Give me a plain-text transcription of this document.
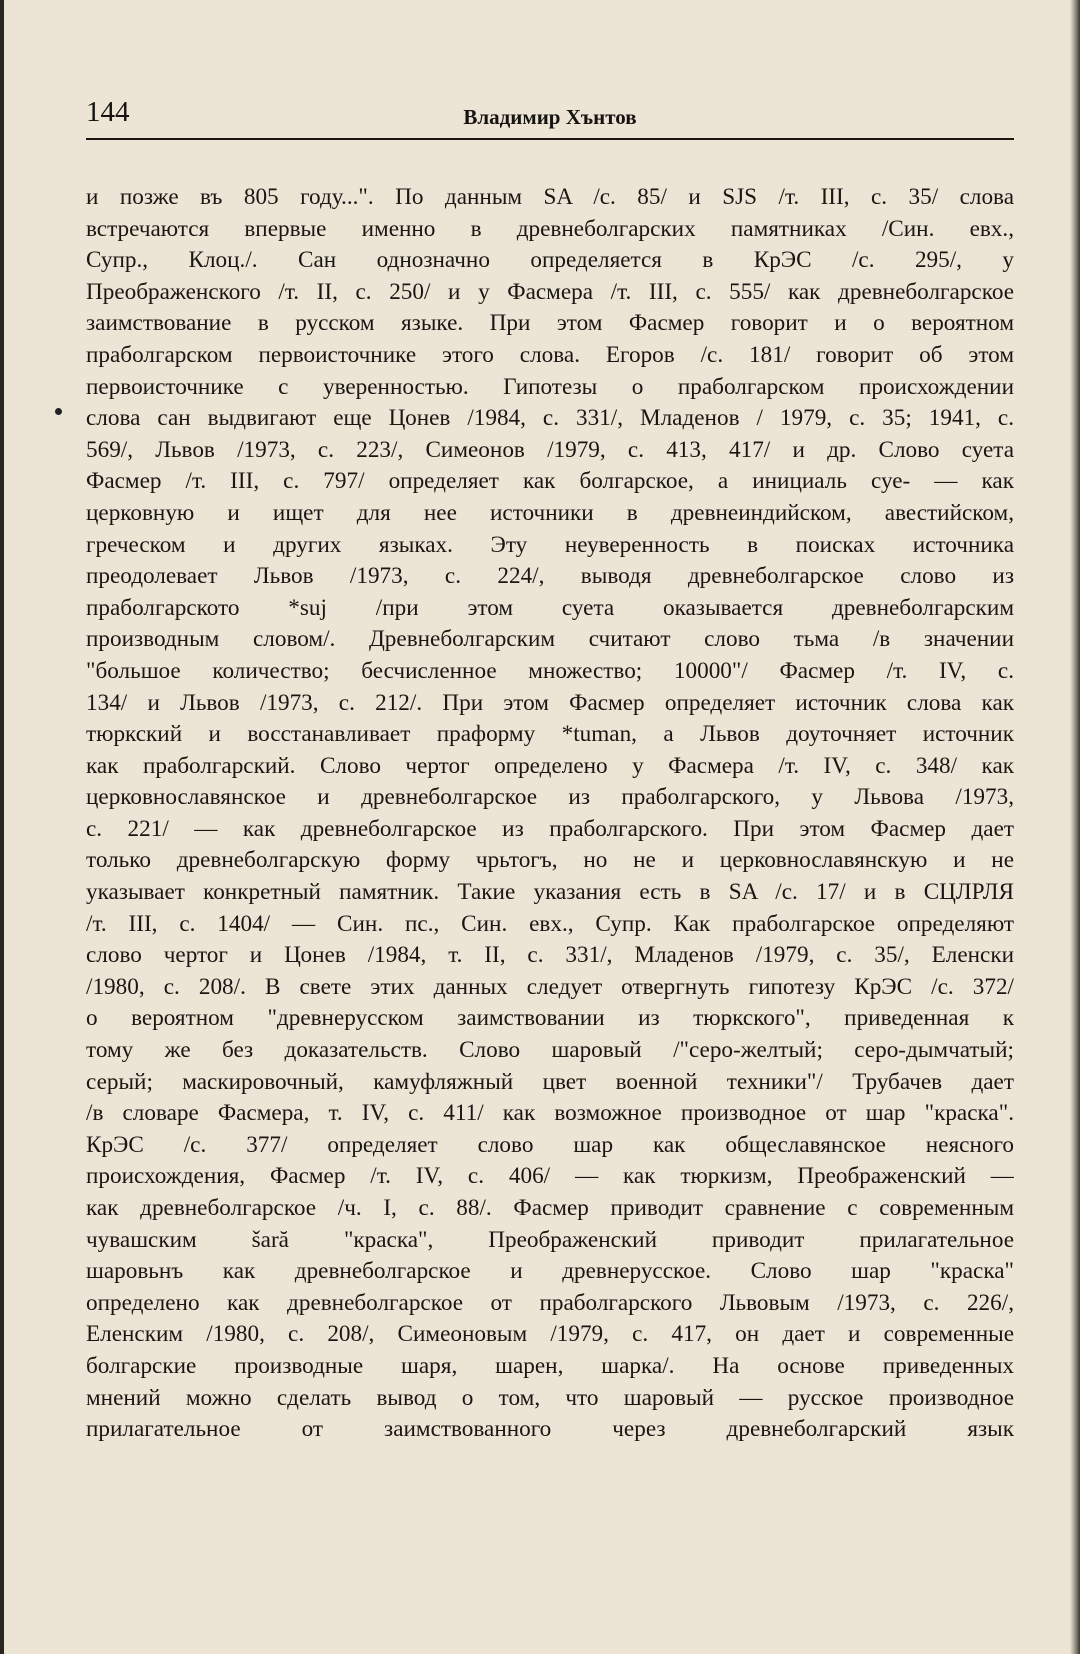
144	Владимир Хънтов
и позже въ 805 году...". По данным SA /с. 85/ и SJS /т. III, с. 35/ слова
встречаются впервые именно в древнеболгарских памятниках /Син. евх.,
Супр., Клоц./. Сан однозначно определяется в КрЭС /с. 295/, у
Преображенского /т. II, с. 250/ и у Фасмера /т. III, с. 555/ как древнеболгарское
заимствование в русском языке. При этом Фасмер говорит и о вероятном
праболгарском первоисточнике этого слова. Егоров /с. 181/ говорит об этом
первоисточнике с уверенностью. Гипотезы о праболгарском происхождении
слова сан выдвигают еще Цонев /1984, с. 331/, Младенов / 1979, с. 35; 1941, с.
569/, Львов /1973, с. 223/, Симеонов /1979, с. 413, 417/ и др. Слово суета
Фасмер /т. III, с. 797/ определяет как болгарское, а инициаль суе- — как
церковную и ищет для нее источники в древнеиндийском, авестийском,
греческом и других языках. Эту неуверенность в поисках источника
преодолевает Львов /1973, с. 224/, выводя древнеболгарское слово из
праболгарското *suj /при этом суета оказывается древнеболгарским
производным словом/. Древнеболгарским считают слово тьма /в значении
"большое количество; бесчисленное множество; 10000"/ Фасмер /т. IV, с.
134/ и Львов /1973, с. 212/. При этом Фасмер определяет источник слова как
тюркский и восстанавливает праформу *tuman, а Львов доуточняет источник
как праболгарский. Слово чертог определено у Фасмера /т. IV, с. 348/ как
церковнославянское и древнеболгарское из праболгарского, у Львова /1973,
с. 221/ — как древнеболгарское из праболгарского. При этом Фасмер дает
только древнеболгарскую форму чрьтогъ, но не и церковнославянскую и не
указывает конкретный памятник. Такие указания есть в SA /с. 17/ и в СЦЛРЛЯ
/т. III, с. 1404/ — Син. пс., Син. евх., Супр. Как праболгарское определяют
слово чертог и Цонев /1984, т. II, с. 331/, Младенов /1979, с. 35/, Еленски
/1980, с. 208/. В свете этих данных следует отвергнуть гипотезу КрЭС /с. 372/
о вероятном "древнерусском заимствовании из тюркского", приведенная к
тому же без доказательств. Слово шаровый /"серо-желтый; серо-дымчатый;
серый; маскировочный, камуфляжный цвет военной техники"/ Трубачев дает
/в словаре Фасмера, т. IV, с. 411/ как возможное производное от шар "краска".
КрЭС /с. 377/ определяет слово шар как общеславянское неясного
происхождения, Фасмер /т. IV, с. 406/ — как тюркизм, Преображенский —
как древнеболгарское /ч. I, с. 88/. Фасмер приводит сравнение с современным
чувашским šară "краска", Преображенский приводит прилагательное
шаровьнъ как древнеболгарское и древнерусское. Слово шар "краска"
определено как древнеболгарское от праболгарского Львовым /1973, с. 226/,
Еленским /1980, с. 208/, Симеоновым /1979, с. 417, он дает и современные
болгарские производные шаря, шарен, шарка/. На основе приведенных
мнений можно сделать вывод о том, что шаровый — русское производное
прилагательное от заимствованного через древнеболгарский язык
